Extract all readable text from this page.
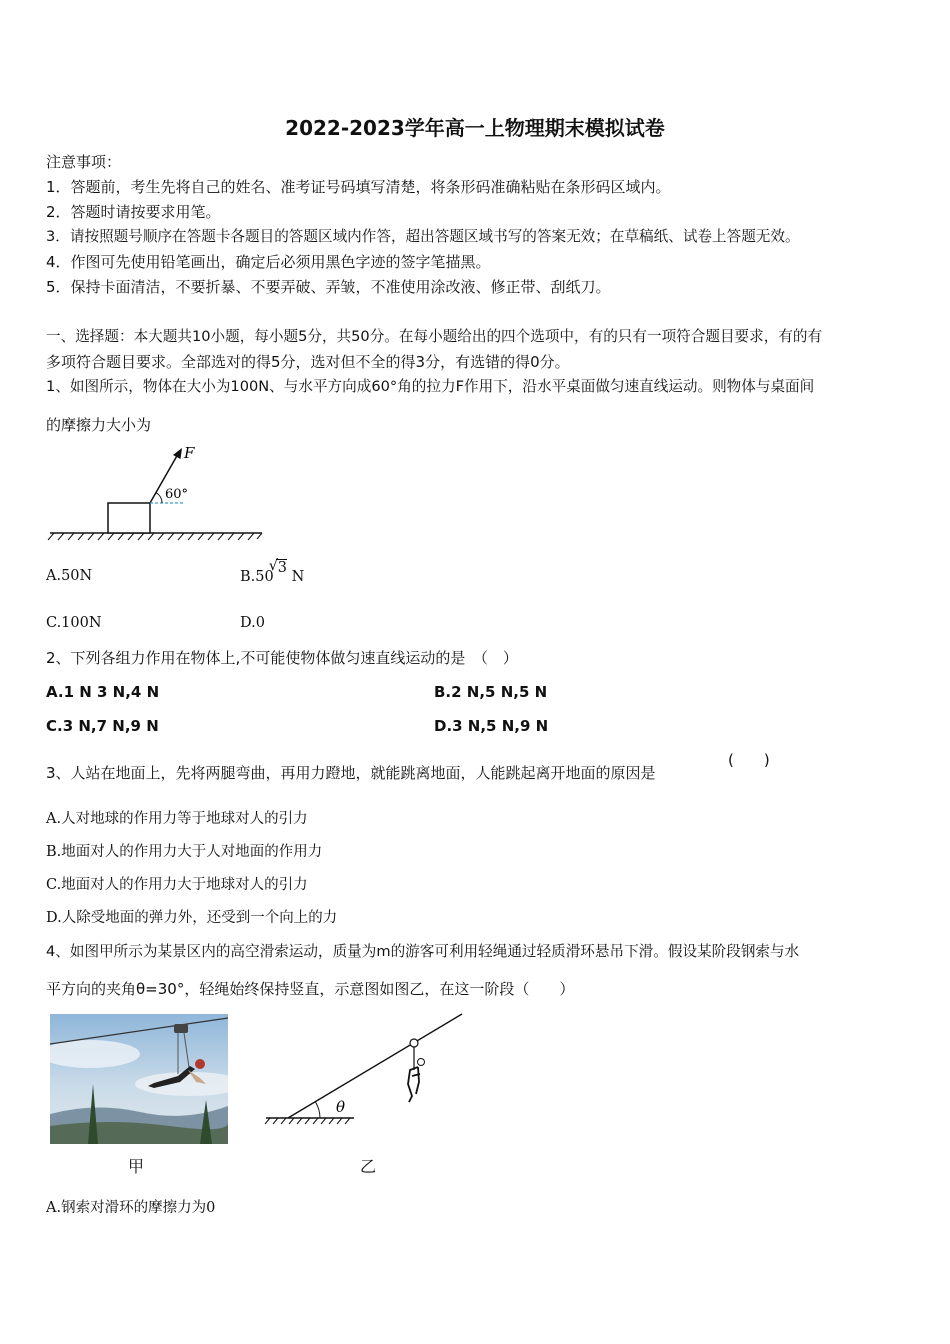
2022-2023学年高一上物理期末模拟试卷
注意事项：
1．答题前，考生先将自己的姓名、准考证号码填写清楚，将条形码准确粘贴在条形码区域内。
2．答题时请按要求用笔。
3．请按照题号顺序在答题卡各题目的答题区域内作答，超出答题区域书写的答案无效；在草稿纸、试卷上答题无效。
4．作图可先使用铅笔画出，确定后必须用黑色字迹的签字笔描黑。
5．保持卡面清洁，不要折暴、不要弄破、弄皱，不准使用涂改液、修正带、刮纸刀。
一、选择题：本大题共10小题，每小题5分，共50分。在每小题给出的四个选项中，有的只有一项符合题目要求，有的有
多项符合题目要求。全部选对的得5分，选对但不全的得3分，有选错的得0分。
1、如图所示，物体在大小为100N、与水平方向成60°角的拉力F作用下，沿水平桌面做匀速直线运动。则物体与桌面间
的摩擦力大小为
F
60°
A.50N	B.50
√ 3 N
C.100N	D.0
2、下列各组力作用在物体上,不可能使物体做匀速直线运动的是　（　）
A.1 N 3 N,4 N	B.2 N,5 N,5 N
C.3 N,7 N,9 N	D.3 N,5 N,9 N
3、人站在地面上，先将两腿弯曲，再用力蹬地，就能跳离地面，人能跳起离开地面的原因是
(　　)
A.人对地球的作用力等于地球对人的引力
B.地面对人的作用力大于人对地面的作用力
C.地面对人的作用力大于地球对人的引力
D.人除受地面的弹力外，还受到一个向上的力
4、如图甲所示为某景区内的高空滑索运动，质量为m的游客可利用轻绳通过轻质滑环悬吊下滑。假设某阶段钢索与水
平方向的夹角θ=30°，轻绳始终保持竖直，示意图如图乙，在这一阶段（　　）
甲
θ
乙
A.钢索对滑环的摩擦力为0
